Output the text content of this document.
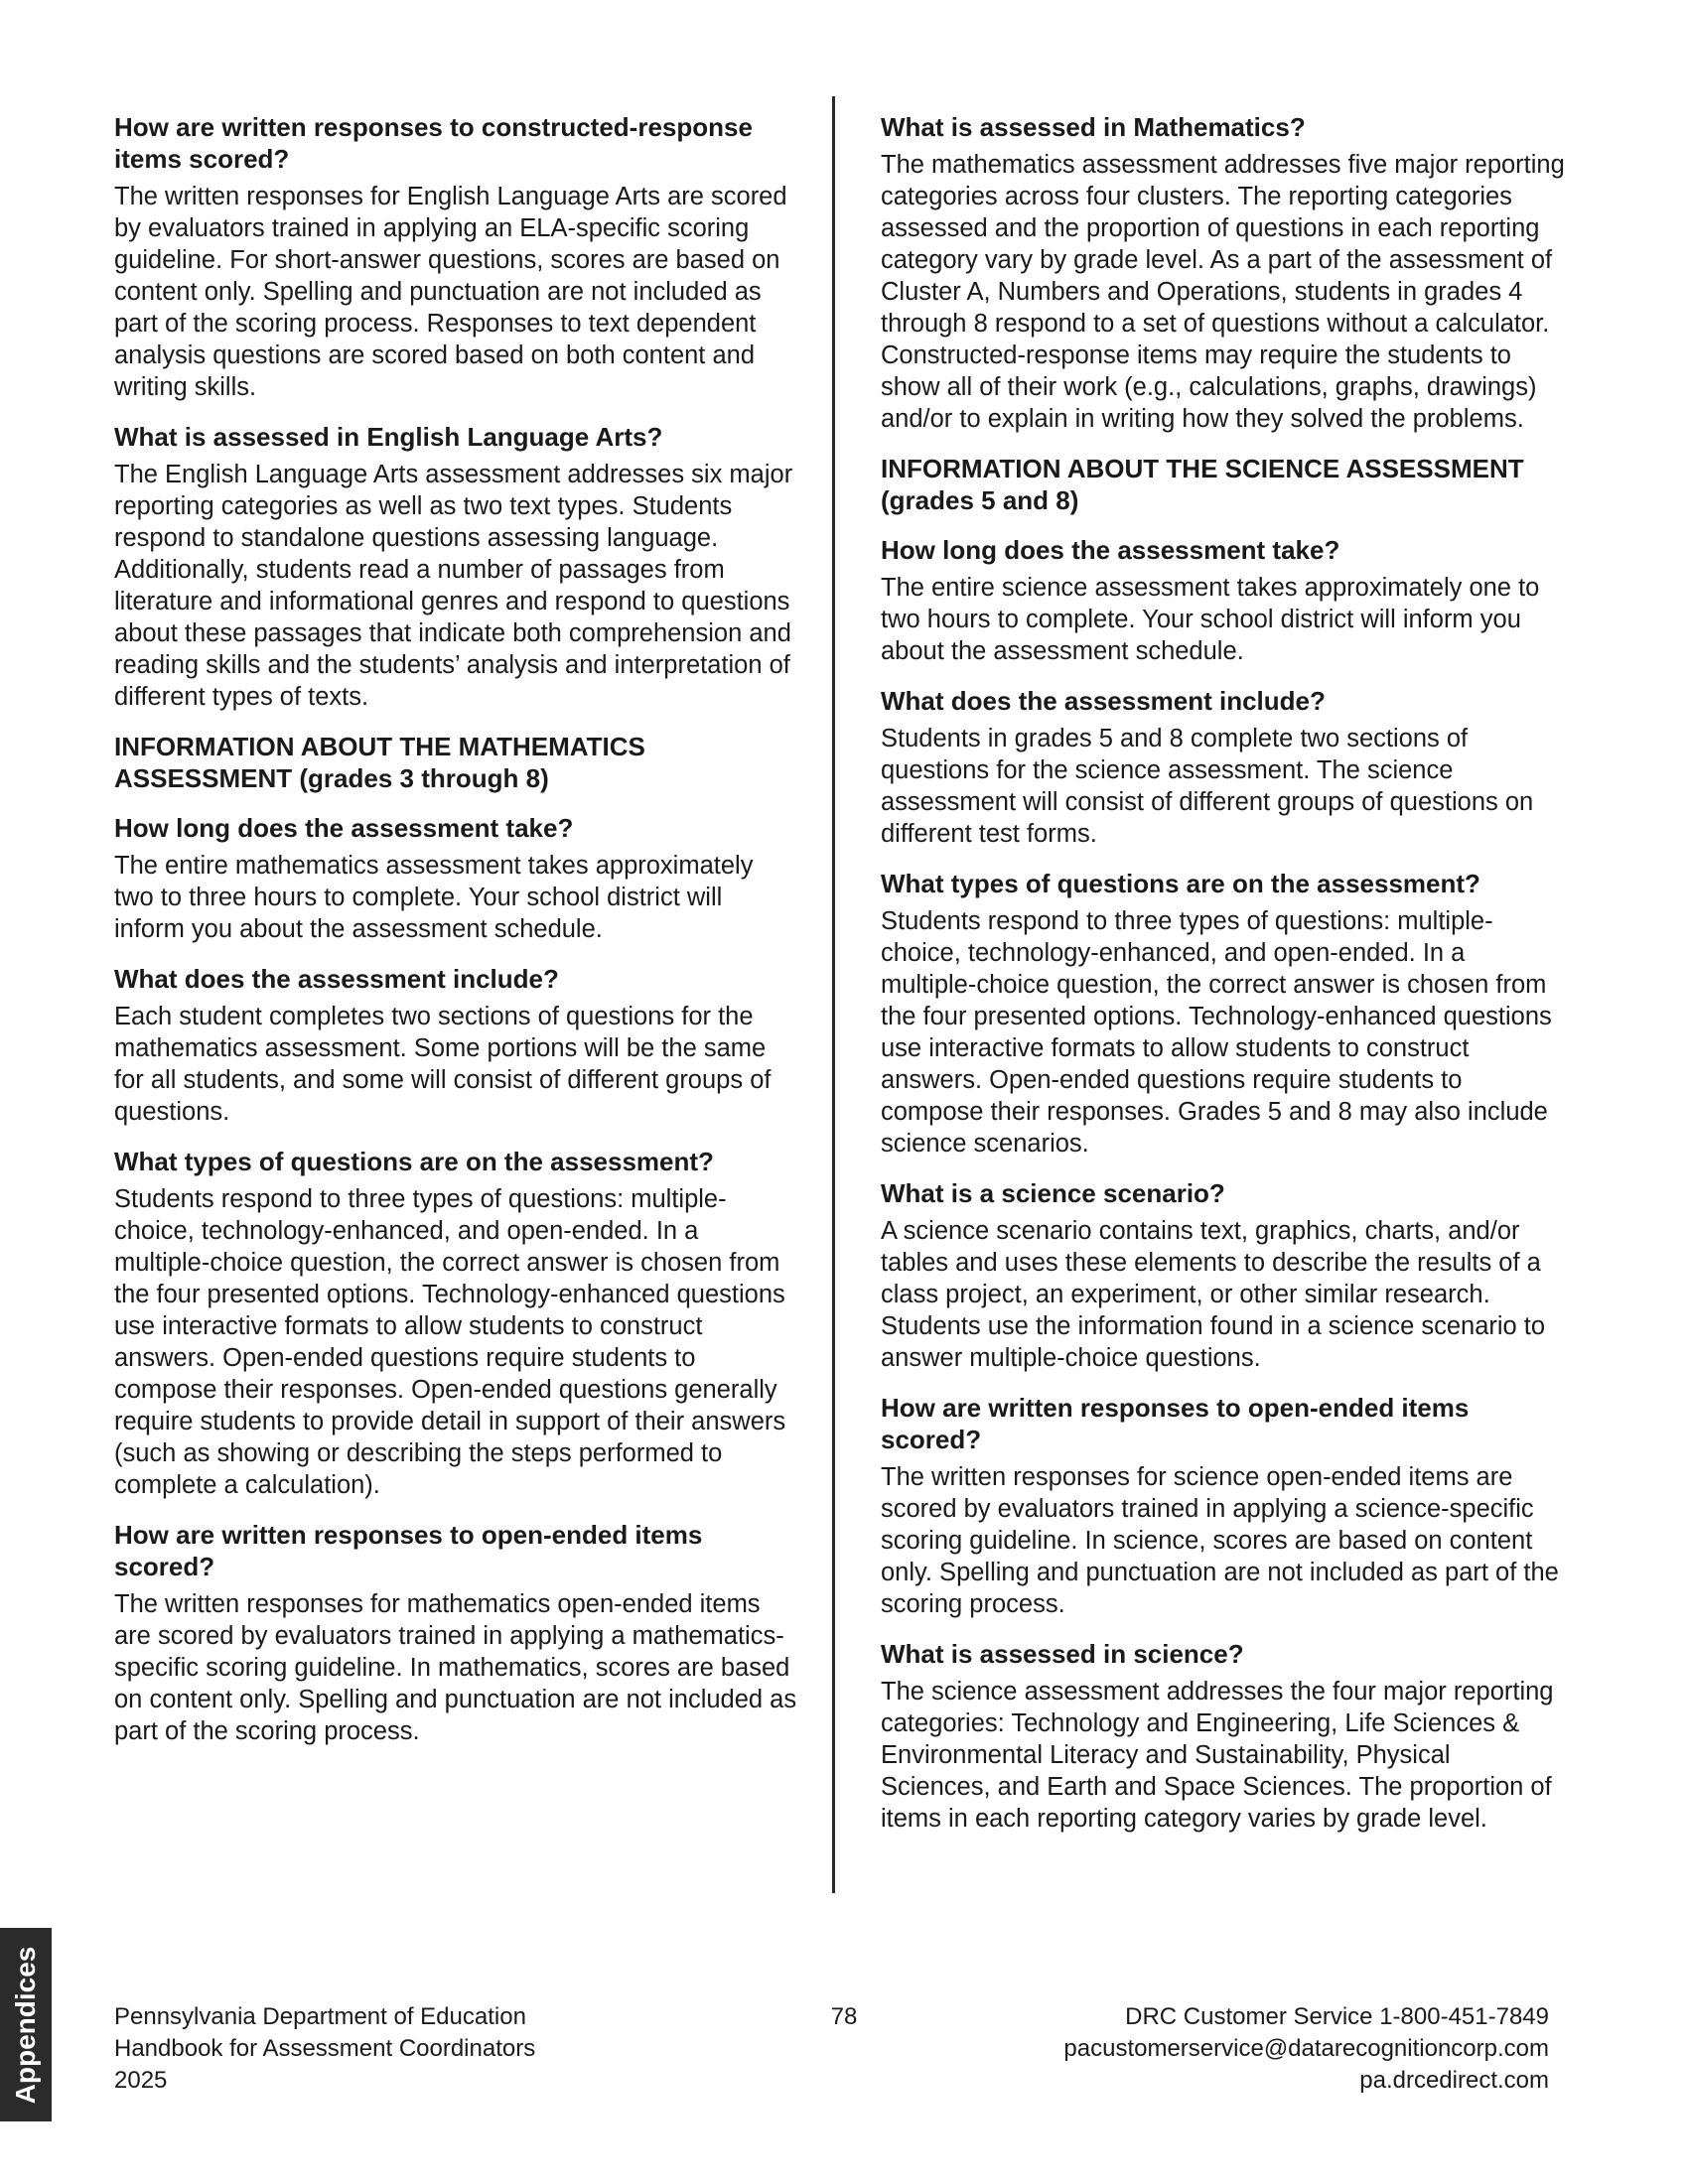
How are written responses to constructed-response items scored?

The written responses for English Language Arts are scored by evaluators trained in applying an ELA-specific scoring guideline. For short-answer questions, scores are based on content only. Spelling and punctuation are not included as part of the scoring process. Responses to text dependent analysis questions are scored based on both content and writing skills.

What is assessed in English Language Arts?

The English Language Arts assessment addresses six major reporting categories as well as two text types. Students respond to standalone questions assessing language. Additionally, students read a number of passages from literature and informational genres and respond to questions about these passages that indicate both comprehension and reading skills and the students’ analysis and interpretation of different types of texts.

INFORMATION ABOUT THE MATHEMATICS ASSESSMENT (grades 3 through 8)
How long does the assessment take?

The entire mathematics assessment takes approximately two to three hours to complete. Your school district will inform you about the assessment schedule.

What does the assessment include?

Each student completes two sections of questions for the mathematics assessment. Some portions will be the same for all students, and some will consist of different groups of questions.

What types of questions are on the assessment?

Students respond to three types of questions: multiple-choice, technology-enhanced, and open-ended. In a multiple-choice question, the correct answer is chosen from the four presented options. Technology-enhanced questions use interactive formats to allow students to construct answers. Open-ended questions require students to compose their responses. Open-ended questions generally require students to provide detail in support of their answers (such as showing or describing the steps performed to complete a calculation).

How are written responses to open-ended items scored?

The written responses for mathematics open-ended items are scored by evaluators trained in applying a mathematics-specific scoring guideline. In mathematics, scores are based on content only. Spelling and punctuation are not included as part of the scoring process.

What is assessed in Mathematics?

The mathematics assessment addresses five major reporting categories across four clusters. The reporting categories assessed and the proportion of questions in each reporting category vary by grade level. As a part of the assessment of Cluster A, Numbers and Operations, students in grades 4 through 8 respond to a set of questions without a calculator. Constructed-response items may require the students to show all of their work (e.g., calculations, graphs, drawings) and/or to explain in writing how they solved the problems.

INFORMATION ABOUT THE SCIENCE ASSESSMENT (grades 5 and 8)
How long does the assessment take?

The entire science assessment takes approximately one to two hours to complete. Your school district will inform you about the assessment schedule.

What does the assessment include?

Students in grades 5 and 8 complete two sections of questions for the science assessment. The science assessment will consist of different groups of questions on different test forms.

What types of questions are on the assessment?

Students respond to three types of questions: multiple-choice, technology-enhanced, and open-ended. In a multiple-choice question, the correct answer is chosen from the four presented options. Technology-enhanced questions use interactive formats to allow students to construct answers. Open-ended questions require students to compose their responses. Grades 5 and 8 may also include science scenarios.

What is a science scenario?

A science scenario contains text, graphics, charts, and/or tables and uses these elements to describe the results of a class project, an experiment, or other similar research. Students use the information found in a science scenario to answer multiple-choice questions.

How are written responses to open-ended items scored?

The written responses for science open-ended items are scored by evaluators trained in applying a science-specific scoring guideline. In science, scores are based on content only. Spelling and punctuation are not included as part of the scoring process.

What is assessed in science?

The science assessment addresses the four major reporting categories: Technology and Engineering, Life Sciences & Environmental Literacy and Sustainability, Physical Sciences, and Earth and Space Sciences. The proportion of items in each reporting category varies by grade level.

Appendices	Pennsylvania Department of Education
Handbook for Assessment Coordinators
2025
78	DRC Customer Service 1-800-451-7849
pacustomerservice@datarecognitioncorp.com
pa.drcedirect.com
